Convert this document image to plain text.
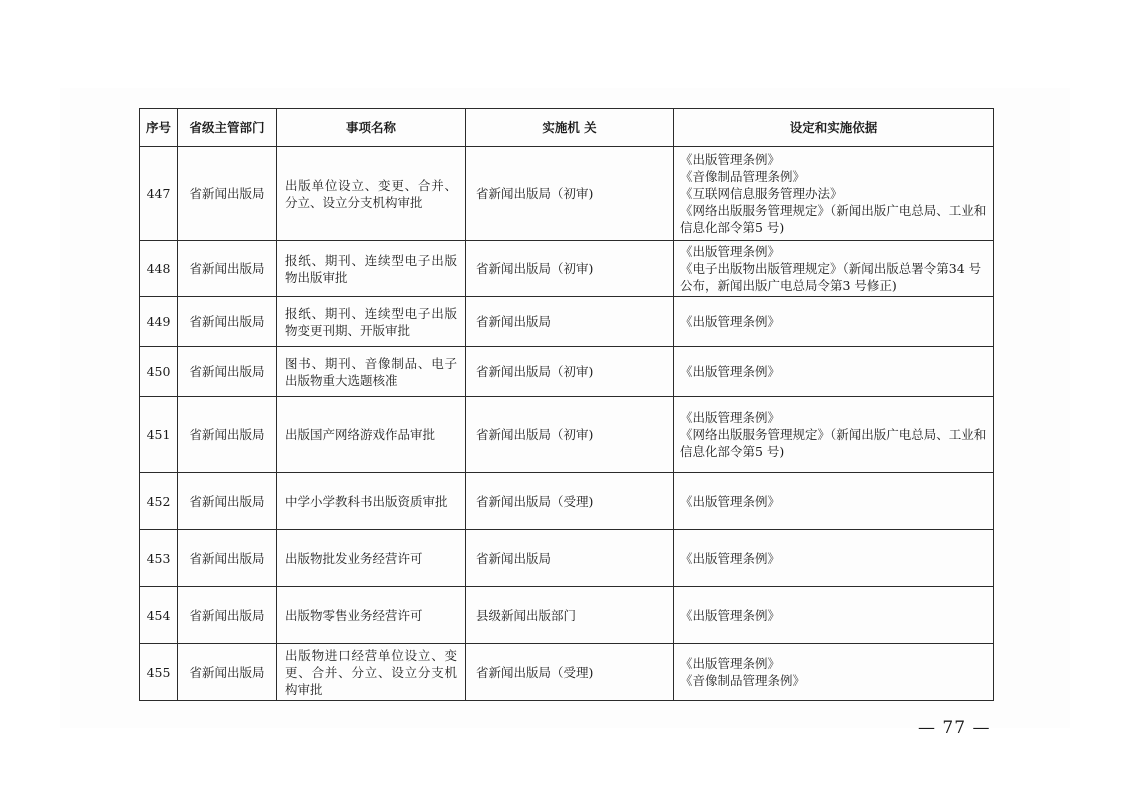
序号	省级主管部门	事项名称	实施机 关	设定和实施依据
447	省新闻出版局	出版单位设立、变更、合并、分立、设立分支机构审批	省新闻出版局（初审)	《出版管理条例》
《音像制品管理条例》
《互联网信息服务管理办法》
《网络出版服务管理规定》（新闻出版广电总局、工业和信息化部令第5 号)

448	省新闻出版局	报纸、期刊、连续型电子出版物出版审批	省新闻出版局（初审)	《出版管理条例》
《电子出版物出版管理规定》（新闻出版总署令第34 号公布，新闻出版广电总局令第3 号修正)

449	省新闻出版局	报纸、期刊、连续型电子出版物变更刊期、开版审批	省新闻出版局	《出版管理条例》

450	省新闻出版局	图书、期刊、音像制品、电子出版物重大选题核准	省新闻出版局（初审)	《出版管理条例》

451	省新闻出版局	出版国产网络游戏作品审批	省新闻出版局（初审)	《出版管理条例》
《网络出版服务管理规定》（新闻出版广电总局、工业和信息化部令第5 号)

452	省新闻出版局	中学小学教科书出版资质审批	省新闻出版局（受理)	《出版管理条例》

453	省新闻出版局	出版物批发业务经营许可	省新闻出版局	《出版管理条例》

454	省新闻出版局	出版物零售业务经营许可	县级新闻出版部门	《出版管理条例》

455	省新闻出版局	出版物进口经营单位设立、变更、合并、分立、设立分支机构审批	省新闻出版局（受理)	《出版管理条例》
《音像制品管理条例》
— 77 —
